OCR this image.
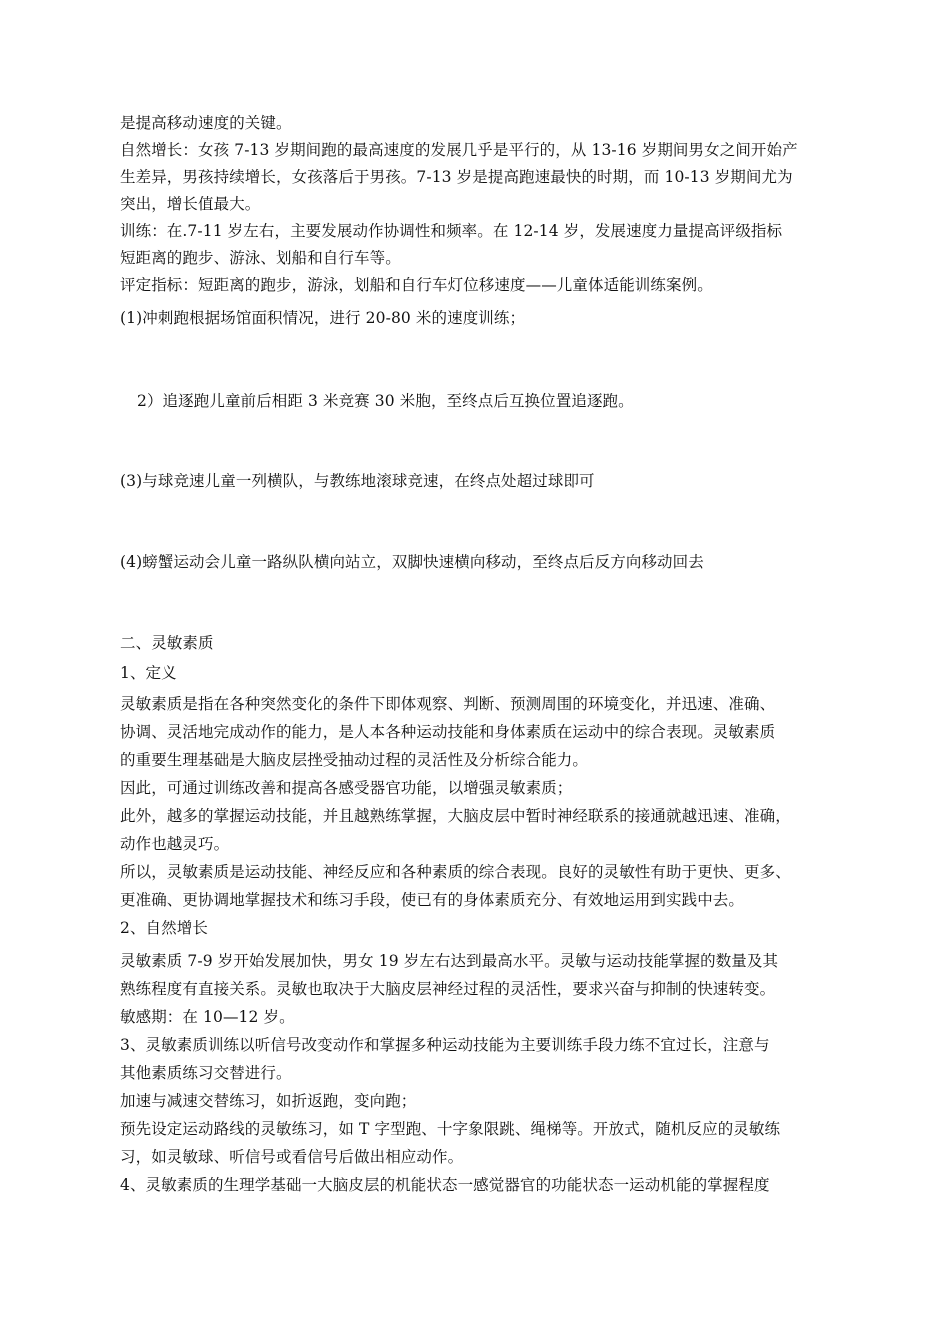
是提高移动速度的关键。
自然增长：女孩 7-13 岁期间跑的最高速度的发展几乎是平行的，从 13-16 岁期间男女之间开始产
生差异，男孩持续增长，女孩落后于男孩。7-13 岁是提高跑速最快的时期，而 10-13 岁期间尤为
突出，增长值最大。
训练：在.7-11 岁左右，主要发展动作协调性和频率。在 12-14 岁，发展速度力量提高评级指标
短距离的跑步、游泳、划船和自行车等。
评定指标：短距离的跑步，游泳，划船和自行车灯位移速度——儿童体适能训练案例。
(1)冲刺跑根据场馆面积情况，进行 20-80 米的速度训练；
2）追逐跑儿童前后相距 3 米竞赛 30 米胞，至终点后互换位置追逐跑。
(3)与球竞速儿童一列横队，与教练地滚球竞速，在终点处超过球即可
(4)螃蟹运动会儿童一路纵队横向站立，双脚快速横向移动，至终点后反方向移动回去
二、灵敏素质
1、定义
灵敏素质是指在各种突然变化的条件下即体观察、判断、预测周围的环境变化，并迅速、准确、
协调、灵活地完成动作的能力，是人本各种运动技能和身体素质在运动中的综合表现。灵敏素质
的重要生理基础是大脑皮层挫受抽动过程的灵活性及分析综合能力。
因此，可通过训练改善和提高各感受器官功能，以增强灵敏素质；
此外，越多的掌握运动技能，并且越熟练掌握，大脑皮层中暂时神经联系的接通就越迅速、准确，
动作也越灵巧。
所以，灵敏素质是运动技能、神经反应和各种素质的综合表现。良好的灵敏性有助于更快、更多、
更准确、更协调地掌握技术和练习手段，使已有的身体素质充分、有效地运用到实践中去。
2、自然增长
灵敏素质 7-9 岁开始发展加快，男女 19 岁左右达到最高水平。灵敏与运动技能掌握的数量及其
熟练程度有直接关系。灵敏也取决于大脑皮层神经过程的灵活性，要求兴奋与抑制的快速转变。
敏感期：在 10—12 岁。
3、灵敏素质训练以听信号改变动作和掌握多种运动技能为主要训练手段力练不宜过长，注意与
其他素质练习交替进行。
加速与减速交替练习，如折返跑，变向跑；
预先设定运动路线的灵敏练习，如 T 字型跑、十字象限跳、绳梯等。开放式，随机反应的灵敏练
习，如灵敏球、听信号或看信号后做出相应动作。
4、灵敏素质的生理学基础一大脑皮层的机能状态一感觉器官的功能状态一运动机能的掌握程度
